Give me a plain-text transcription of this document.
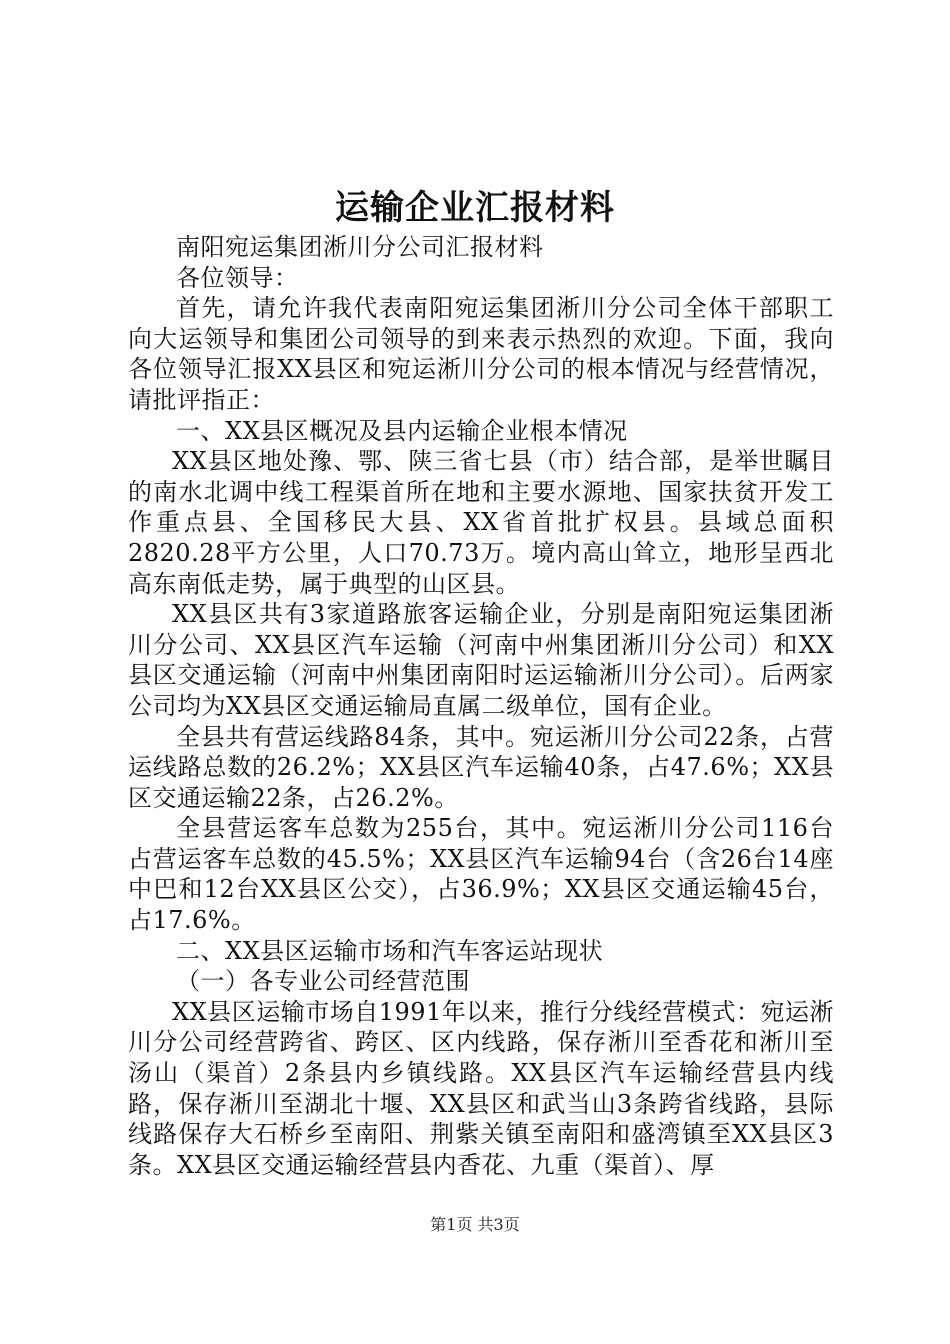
运输企业汇报材料

南阳宛运集团淅川分公司汇报材料

各位领导：

首先，请允许我代表南阳宛运集团淅川分公司全体干部职工向大运领导和集团公司领导的到来表示热烈的欢迎。下面，我向各位领导汇报XX县区和宛运淅川分公司的根本情况与经营情况，请批评指正：

一、XX县区概况及县内运输企业根本情况

XX县区地处豫、鄂、陕三省七县（市）结合部，是举世瞩目的南水北调中线工程渠首所在地和主要水源地、国家扶贫开发工作重点县、全国移民大县、XX省首批扩权县。县域总面积2820.28平方公里，人口70.73万。境内高山耸立，地形呈西北高东南低走势，属于典型的山区县。

XX县区共有3家道路旅客运输企业，分别是南阳宛运集团淅川分公司、XX县区汽车运输（河南中州集团淅川分公司）和XX县区交通运输（河南中州集团南阳时运运输淅川分公司）。后两家公司均为XX县区交通运输局直属二级单位，国有企业。

全县共有营运线路84条，其中。宛运淅川分公司22条，占营运线路总数的26.2%；XX县区汽车运输40条，占47.6%；XX县区交通运输22条，占26.2%。

全县营运客车总数为255台，其中。宛运淅川分公司116台占营运客车总数的45.5%；XX县区汽车运输94台（含26台14座中巴和12台XX县区公交），占36.9%；XX县区交通运输45台，占17.6%。

二、XX县区运输市场和汽车客运站现状

（一）各专业公司经营范围

XX县区运输市场自1991年以来，推行分线经营模式：宛运淅川分公司经营跨省、跨区、区内线路，保存淅川至香花和淅川至汤山（渠首）2条县内乡镇线路。XX县区汽车运输经营县内线路，保存淅川至湖北十堰、XX县区和武当山3条跨省线路，县际线路保存大石桥乡至南阳、荆紫关镇至南阳和盛湾镇至XX县区3条。XX县区交通运输经营县内香花、九重（渠首）、厚

第1页 共3页
